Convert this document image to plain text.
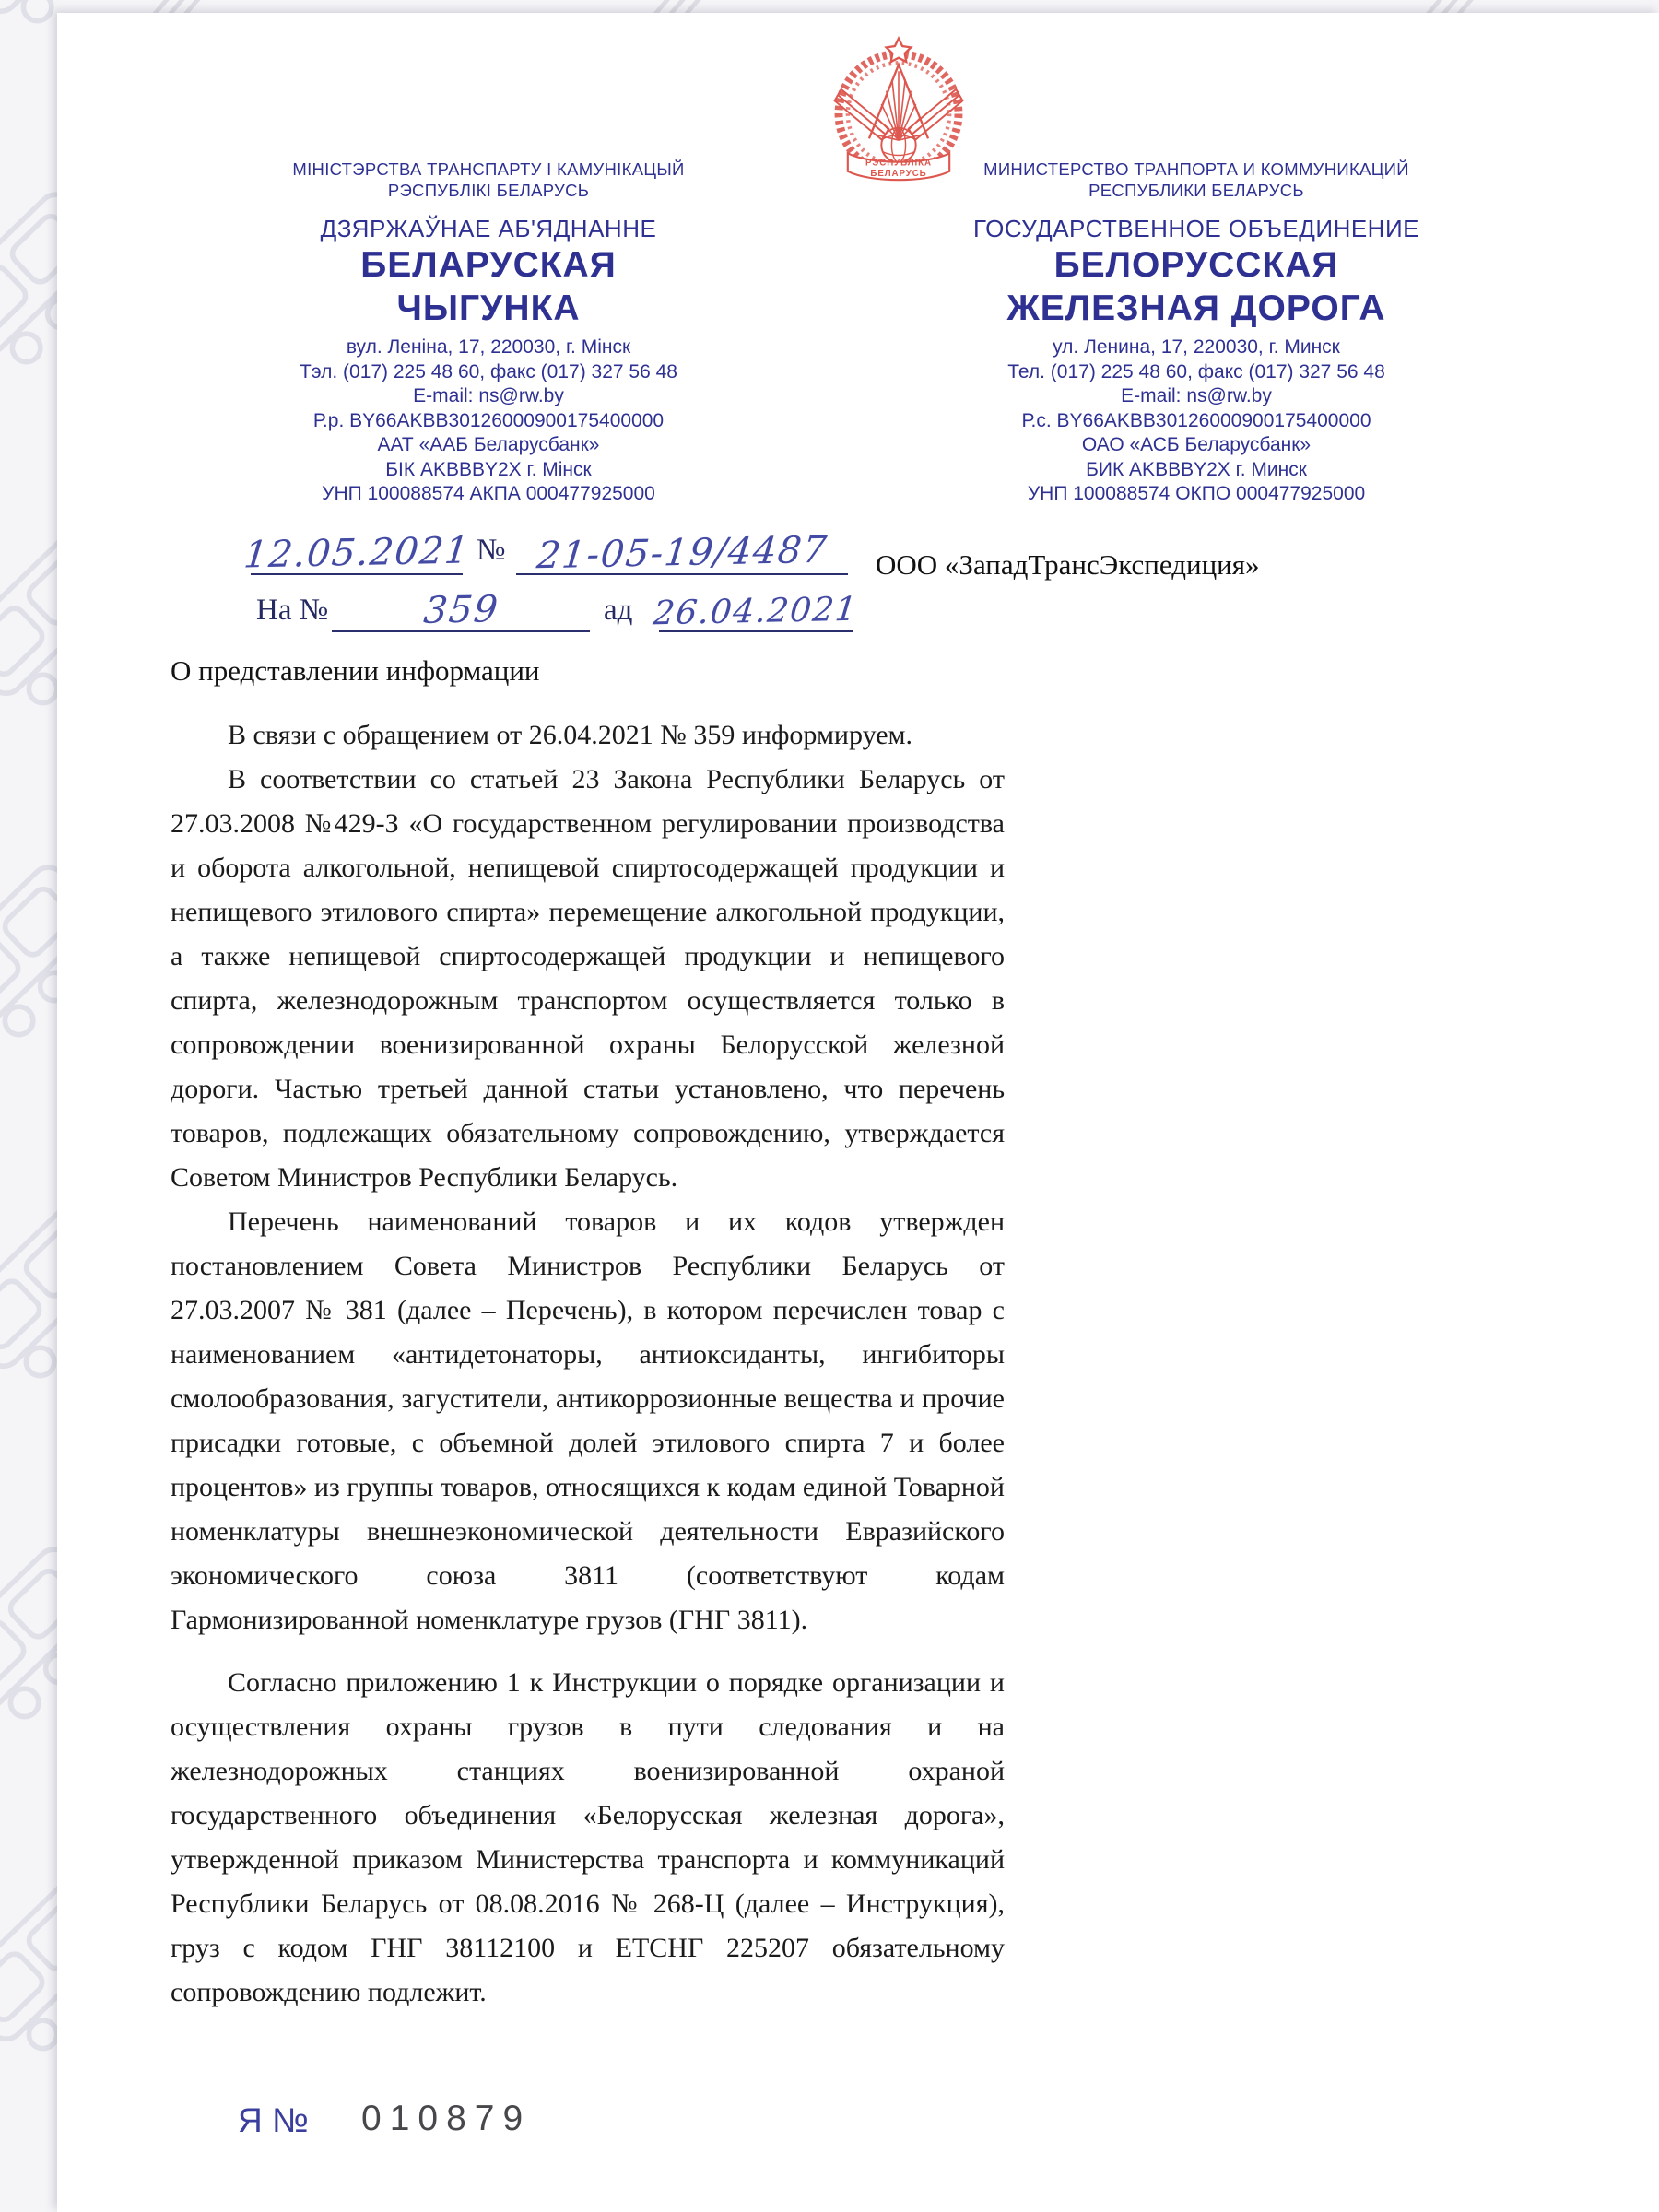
РЭСПУБЛІКА
БЕЛАРУСЬ
МІНІСТЭРСТВА ТРАНСПАРТУ І КАМУНІКАЦЫЙ
РЭСПУБЛІКІ БЕЛАРУСЬ
ДЗЯРЖАЎНАЕ АБ'ЯДНАННЕ
БЕЛАРУСКАЯ
ЧЫГУНКА
вул. Леніна, 17, 220030, г. Мінск
Тэл. (017) 225 48 60, факс (017) 327 56 48
E-mail: ns@rw.by
Р.р. BY66AKBB30126000900175400000
ААТ «ААБ Беларусбанк»
БІК AKBBBY2X г. Мінск
УНП 100088574 АКПА 000477925000
МИНИСТЕРСТВО ТРАНПОРТА И КОММУНИКАЦИЙ
РЕСПУБЛИКИ БЕЛАРУСЬ
ГОСУДАРСТВЕННОЕ ОБЪЕДИНЕНИЕ
БЕЛОРУССКАЯ
ЖЕЛЕЗНАЯ ДОРОГА
ул. Ленина, 17, 220030, г. Минск
Тел. (017) 225 48 60, факс (017) 327 56 48
E-mail: ns@rw.by
Р.с. BY66AKBB30126000900175400000
ОАО «АСБ Беларусбанк»
БИК AKBBBY2X г. Минск
УНП 100088574 ОКПО 000477925000
12.05.2021 № 21-05-19/4487
На №	359	ад 26.04.2021
ООО «ЗападТрансЭкспедиция»
О представлении информации

В связи с обращением от 26.04.2021 № 359 информируем.

В соответствии со статьей 23 Закона Республики Беларусь от 27.03.2008 №429-З «О государственном регулировании производства и оборота алкогольной, непищевой спиртосодержащей продукции и непищевого этилового спирта» перемещение алкогольной продукции, а также непищевой спиртосодержащей продукции и непищевого спирта, железнодорожным транспортом осуществляется только в сопровождении военизированной охраны Белорусской железной дороги. Частью третьей данной статьи установлено, что перечень товаров, подлежащих обязательному сопровождению, утверждается Советом Министров Республики Беларусь.

Перечень наименований товаров и их кодов утвержден постановлением Совета Министров Республики Беларусь от 27.03.2007 № 381 (далее – Перечень), в котором перечислен товар с наименованием «антидетонаторы, антиоксиданты, ингибиторы смолообразования, загустители, антикоррозионные вещества и прочие присадки готовые, с объемной долей этилового спирта 7 и более процентов» из группы товаров, относящихся к кодам единой Товарной номенклатуры внешнеэкономической деятельности Евразийского экономического союза 3811 (соответствуют кодам Гармонизированной номенклатуре грузов (ГНГ 3811).

Согласно приложению 1 к Инструкции о порядке организации и осуществления охраны грузов в пути следования и на железнодорожных станциях военизированной охраной государственного объединения «Белорусская железная дорога», утвержденной приказом Министерства транспорта и коммуникаций Республики Беларусь от 08.08.2016 № 268-Ц (далее – Инструкция), груз с кодом ГНГ 38112100 и ЕТСНГ 225207 обязательному сопровождению подлежит.

Я № 010879
